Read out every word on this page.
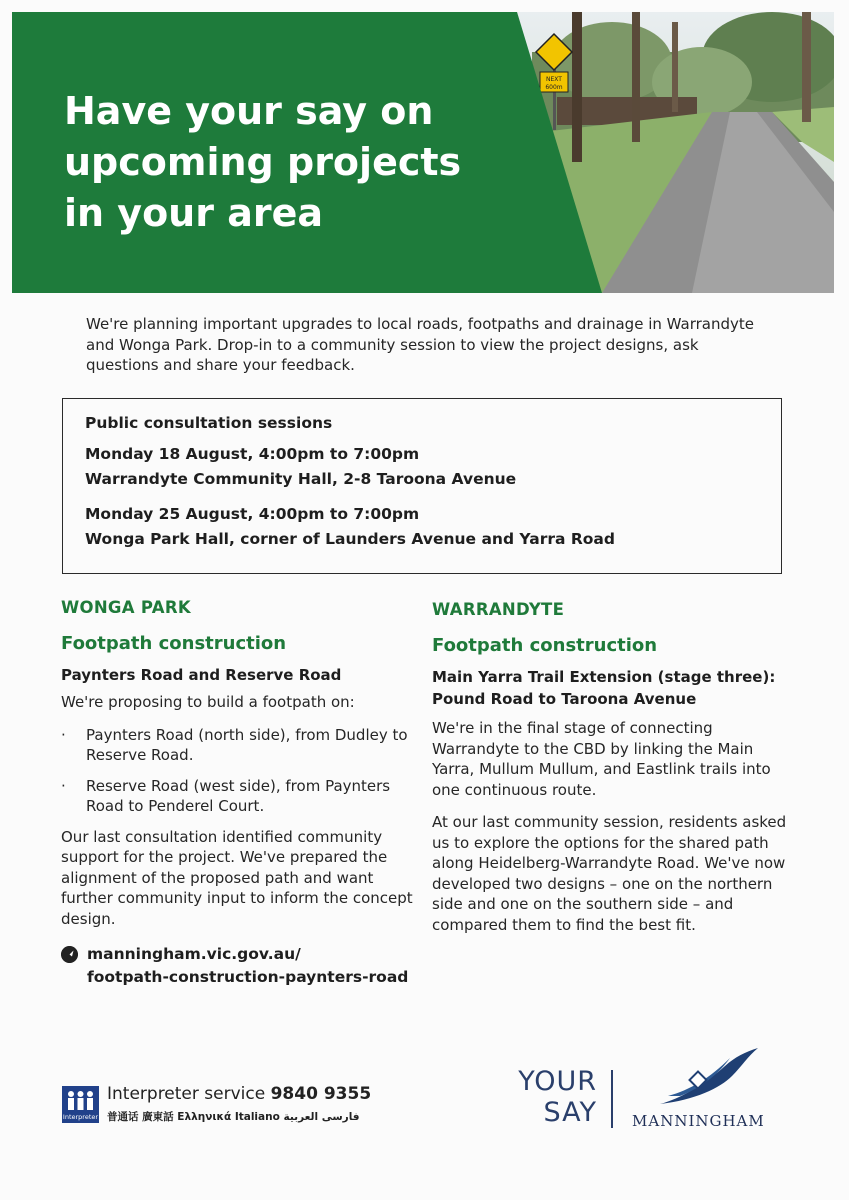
NEXT
600m
Have your say on
upcoming projects
in your area

We're planning important upgrades to local roads, footpaths and drainage in Warrandyte and Wonga Park. Drop-in to a community session to view the project designs, ask questions and share your feedback.

Public consultation sessions
Monday 18 August, 4:00pm to 7:00pm
Warrandyte Community Hall, 2-8 Taroona Avenue
Monday 25 August, 4:00pm to 7:00pm
Wonga Park Hall, corner of Launders Avenue and Yarra Road
WONGA PARK
Footpath construction
Paynters Road and Reserve Road

We're proposing to build a footpath on:

· Paynters Road (north side), from Dudley to Reserve Road.
· Reserve Road (west side), from Paynters Road to Penderel Court.

Our last consultation identified community support for the project. We've prepared the alignment of the proposed path and want further community input to inform the concept design.

manningham.vic.gov.au/
footpath-construction-paynters-road
WARRANDYTE
Footpath construction
Main Yarra Trail Extension (stage three):
Pound Road to Taroona Avenue

We're in the final stage of connecting Warrandyte to the CBD by linking the Main Yarra, Mullum Mullum, and Eastlink trails into one continuous route.

At our last community session, residents asked us to explore the options for the shared path along Heidelberg-Warrandyte Road. We've now developed two designs – one on the northern side and one on the southern side – and compared them to find the best fit.

Interpreter
Interpreter service 9840 9355
普通话 廣東話 Ελληνικά Italiano فارسی العربية
YOUR
SAY MANNINGHAM
